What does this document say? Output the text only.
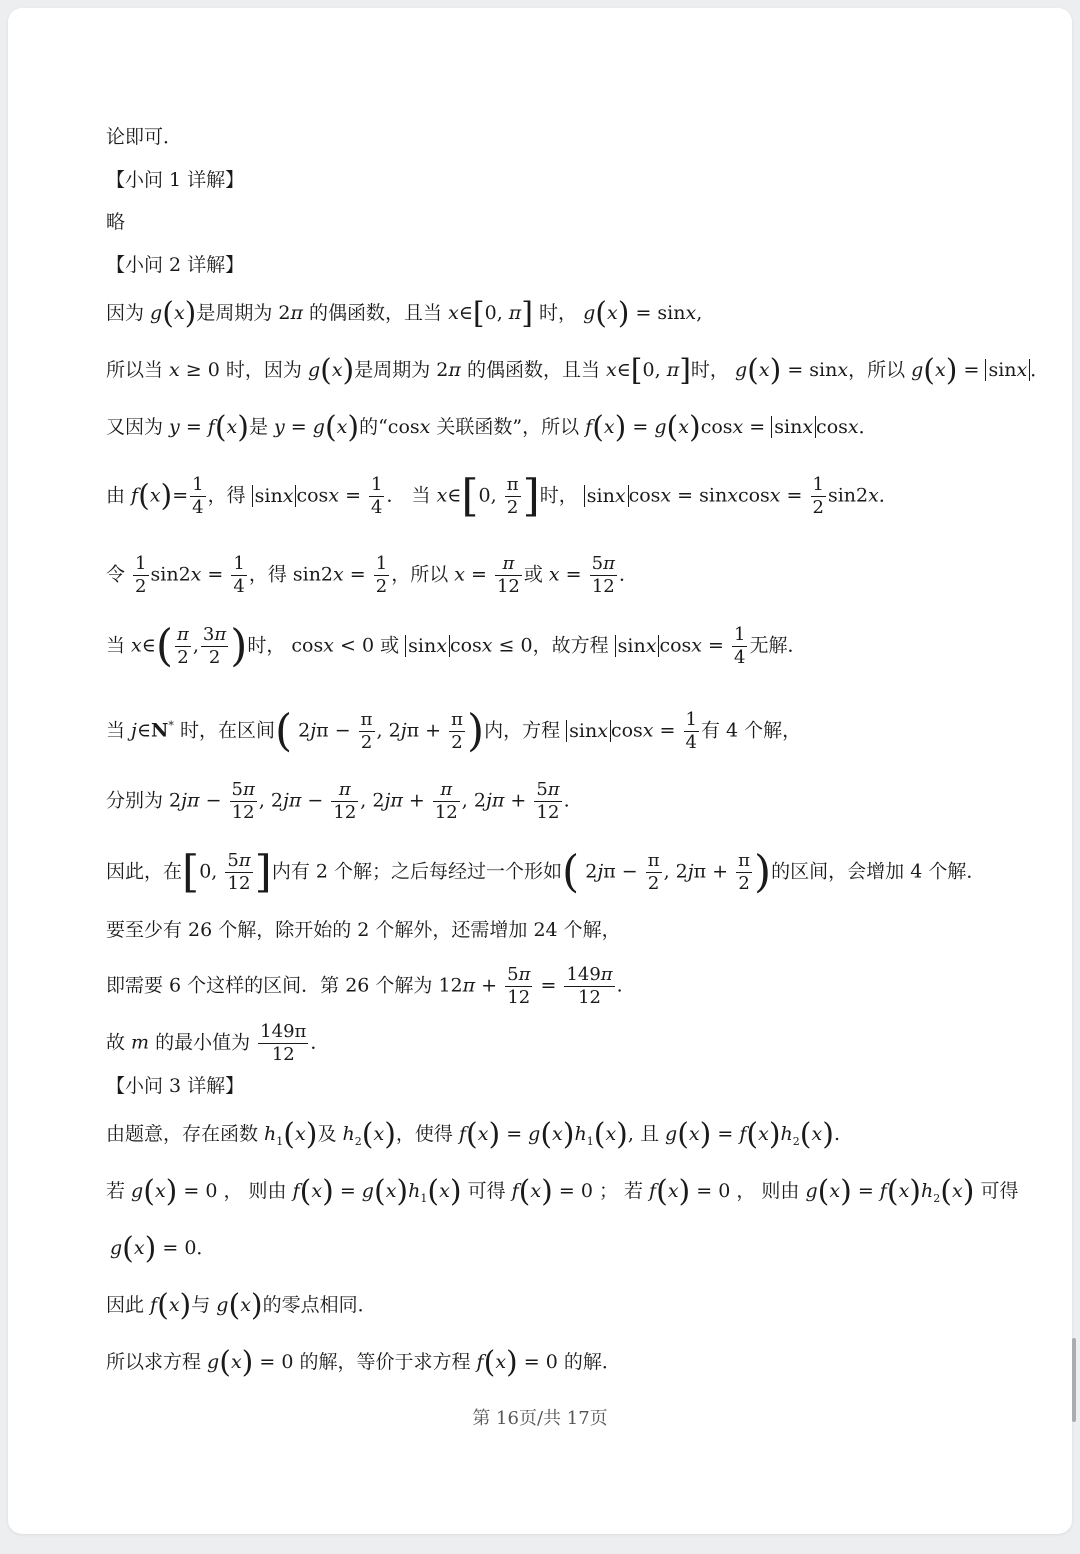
论即可．
【小问 1 详解】
略
【小问 2 详解】
因为 g(x)是周期为 2π 的偶函数，且当 x∈[0, π] 时， g(x) = sinx,
所以当 x ≥ 0 时，因为 g(x)是周期为 2π 的偶函数，且当 x∈[0, π]时， g(x) = sinx，所以 g(x) = sinx ．
又因为 y = f(x)是 y = g(x)的“cosx 关联函数”，所以 f(x) = g(x)cosx = sinx cosx．
由 $f(x)= \frac{1}{4}$ ，得 sinx $\cos x = \frac{1}{4}$ ． 当 x∈[0, $\frac{\pi}{2}$ ]时， sinx cosx = sinxcosx = $\frac{1}{2} \sin 2x$．
令 $\frac{1}{2} \sin 2x = \frac{1}{4}$ ，得 $\sin 2x = \frac{1}{2}$ ，所以 $x = \frac{\pi}{12}$ 或 $x = \frac{5\pi}{12}$ ．
当 x∈( $\frac{\pi}{2}$ , $\frac{3\pi}{2}$ )时， cosx < 0 或 sinx cosx ≤ 0，故方程 sinx $\cos x = \frac{1}{4}$ 无解．
当 j∈N* 时，在区间( $2j\pi - \frac{\pi}{2}$ , $2j\pi + \frac{\pi}{2}$ )内，方程 sinx $\cos x = \frac{1}{4}$ 有 4 个解，
分别为 $2j\pi - \frac{5\pi}{12}$ , $2j\pi - \frac{\pi}{12}$ , $2j\pi + \frac{\pi}{12}$ , $2j\pi + \frac{5\pi}{12}$ .
因此，在[0, $\frac{5\pi}{12}$ ]内有 2 个解；之后每经过一个形如( $2j\pi - \frac{\pi}{2}$ , $2j\pi + \frac{\pi}{2}$ )的区间，会增加 4 个解．
要至少有 26 个解，除开始的 2 个解外，还需增加 24 个解，
即需要 6 个这样的区间．第 26 个解为 $12\pi + \frac{5\pi}{12} = \frac{149\pi}{12}$ .
故 m 的最小值为 $\frac{149\pi}{12}$ ．
【小问 3 详解】
由题意，存在函数 $h_1(x)$及 $h_2(x)$，使得 $f(x) = g(x)h_1(x)$, 且 $g(x) = f(x)h_2(x)$.
若 g(x) = 0 ， 则由 $f(x) = g(x)h_1(x)$ 可得 f(x) = 0 ； 若 f(x) = 0 ， 则由 $g(x) = f(x)h_2(x)$ 可得
g(x) = 0．
因此 f(x)与 g(x)的零点相同．
所以求方程 g(x) = 0 的解，等价于求方程 f(x) = 0 的解．
第 16页/共 17页
